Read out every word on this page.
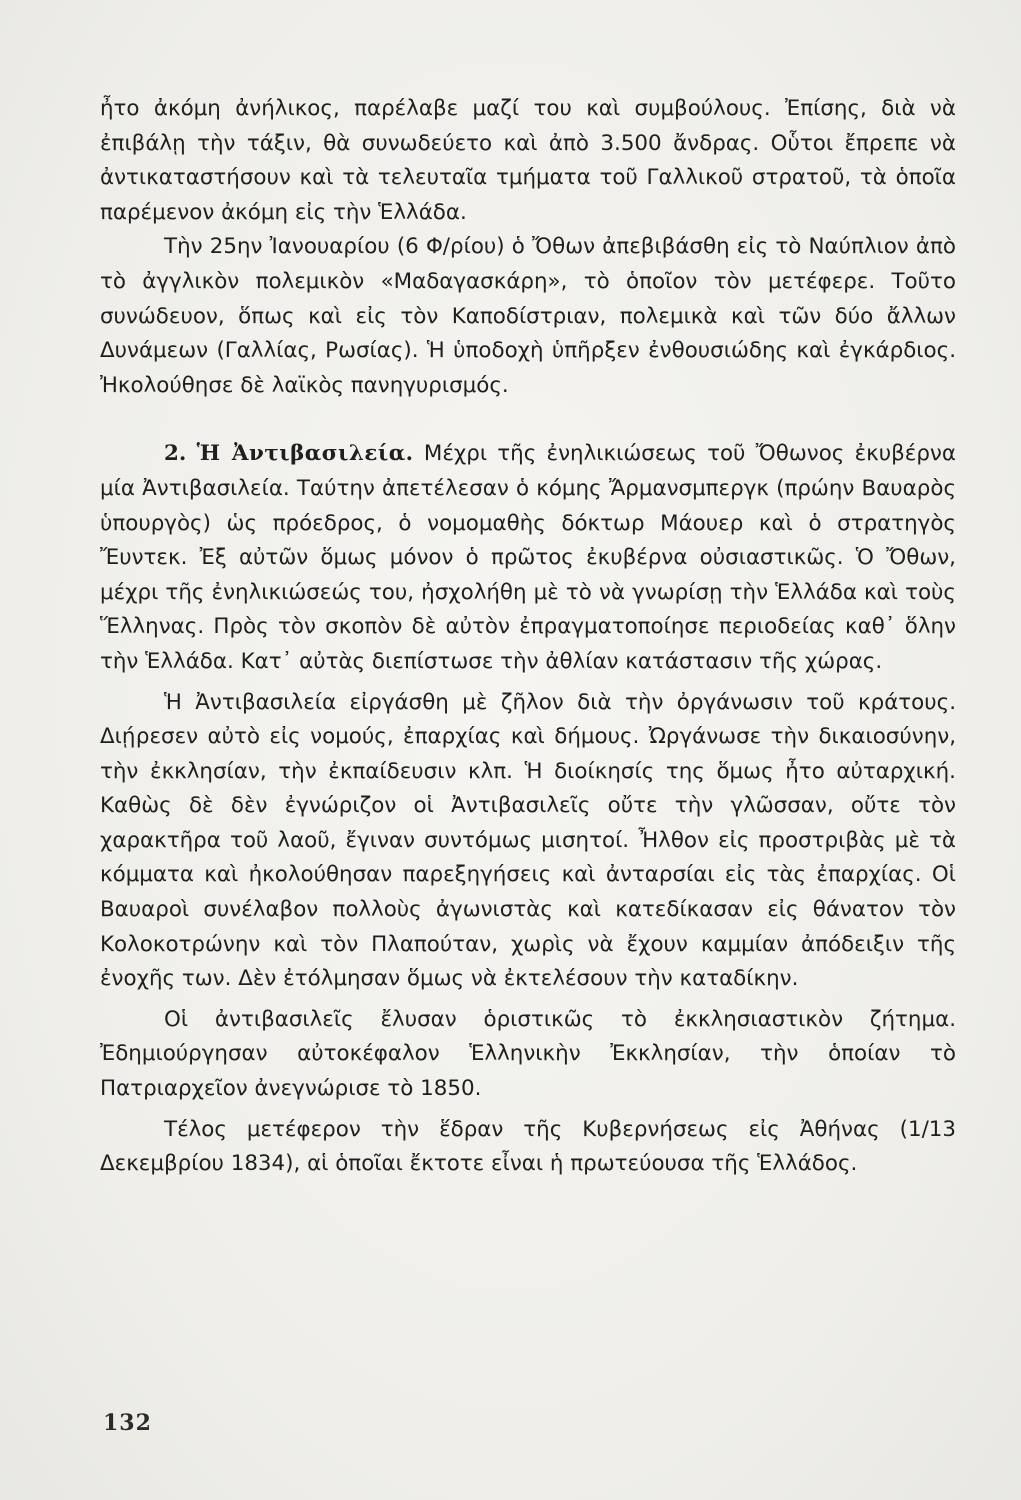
ἦτο ἀκόμη ἀνήλικος, παρέλαβε μαζί του καὶ συμβούλους. Ἐπίσης, διὰ νὰ ἐπιβάλῃ τὴν τάξιν, θὰ συνωδεύετο καὶ ἀπὸ 3.500 ἄνδρας. Οὗτοι ἔπρεπε νὰ ἀντικαταστήσουν καὶ τὰ τελευταῖα τμήματα τοῦ Γαλλικοῦ στρατοῦ, τὰ ὁποῖα παρέμενον ἀκόμη εἰς τὴν Ἑλλάδα.

Τὴν 25ην Ἰανουαρίου (6 Φ/ρίου) ὁ Ὄθων ἀπεβιβάσθη εἰς τὸ Ναύπλιον ἀπὸ τὸ ἀγγλικὸν πολεμικὸν «Μαδαγασκάρη», τὸ ὁποῖον τὸν μετέφερε. Τοῦτο συνώδευον, ὅπως καὶ εἰς τὸν Καποδίστριαν, πολεμικὰ καὶ τῶν δύο ἄλλων Δυνάμεων (Γαλλίας, Ρωσίας). Ἡ ὑποδοχὴ ὑπῆρξεν ἐνθουσιώδης καὶ ἐγκάρδιος. Ἠκολούθησε δὲ λαϊκὸς πανηγυρισμός.

2. Ἡ Ἀντιβασιλεία. Μέχρι τῆς ἐνηλικιώσεως τοῦ Ὄθωνος ἐκυβέρνα μία Ἀντιβασιλεία. Ταύτην ἀπετέλεσαν ὁ κόμης Ἄρμανσμπεργκ (πρώην Βαυαρὸς ὑπουργὸς) ὡς πρόεδρος, ὁ νομομαθὴς δόκτωρ Μάουερ καὶ ὁ στρατηγὸς Ἔυντεκ. Ἐξ αὐτῶν ὅμως μόνον ὁ πρῶτος ἐκυβέρνα οὐσιαστικῶς. Ὁ Ὄθων, μέχρι τῆς ἐνηλικιώσεώς του, ἠσχολήθη μὲ τὸ νὰ γνωρίσῃ τὴν Ἑλλάδα καὶ τοὺς Ἕλληνας. Πρὸς τὸν σκοπὸν δὲ αὐτὸν ἐπραγματοποίησε περιοδείας καθ᾽ ὅλην τὴν Ἑλλάδα. Κατ᾽ αὐτὰς διεπίστωσε τὴν ἀθλίαν κατάστασιν τῆς χώρας.

Ἡ Ἀντιβασιλεία εἰργάσθη μὲ ζῆλον διὰ τὴν ὀργάνωσιν τοῦ κράτους. Διῄρεσεν αὐτὸ εἰς νομούς, ἐπαρχίας καὶ δήμους. Ὠργάνωσε τὴν δικαιοσύνην, τὴν ἐκκλησίαν, τὴν ἐκπαίδευσιν κλπ. Ἡ διοίκησίς της ὅμως ἦτο αὐταρχική. Καθὼς δὲ δὲν ἐγνώριζον οἱ Ἀντιβασιλεῖς οὔτε τὴν γλῶσσαν, οὔτε τὸν χαρακτῆρα τοῦ λαοῦ, ἔγιναν συντόμως μισητοί. Ἦλθον εἰς προστριβὰς μὲ τὰ κόμματα καὶ ἠκολούθησαν παρεξηγήσεις καὶ ἀνταρσίαι εἰς τὰς ἐπαρχίας. Οἱ Βαυαροὶ συνέλαβον πολλοὺς ἀγωνιστὰς καὶ κατεδίκασαν εἰς θάνατον τὸν Κολοκοτρώνην καὶ τὸν Πλαπούταν, χωρὶς νὰ ἔχουν καμμίαν ἀπόδειξιν τῆς ἐνοχῆς των. Δὲν ἐτόλμησαν ὅμως νὰ ἐκτελέσουν τὴν καταδίκην.

Οἱ ἀντιβασιλεῖς ἔλυσαν ὁριστικῶς τὸ ἐκκλησιαστικὸν ζήτημα. Ἐδημιούργησαν αὐτοκέφαλον Ἑλληνικὴν Ἐκκλησίαν, τὴν ὁποίαν τὸ Πατριαρχεῖον ἀνεγνώρισε τὸ 1850.

Τέλος μετέφερον τὴν ἕδραν τῆς Κυβερνήσεως εἰς Ἀθήνας (1/13 Δεκεμβρίου 1834), αἱ ὁποῖαι ἔκτοτε εἶναι ἡ πρωτεύουσα τῆς Ἑλλάδος.

132
